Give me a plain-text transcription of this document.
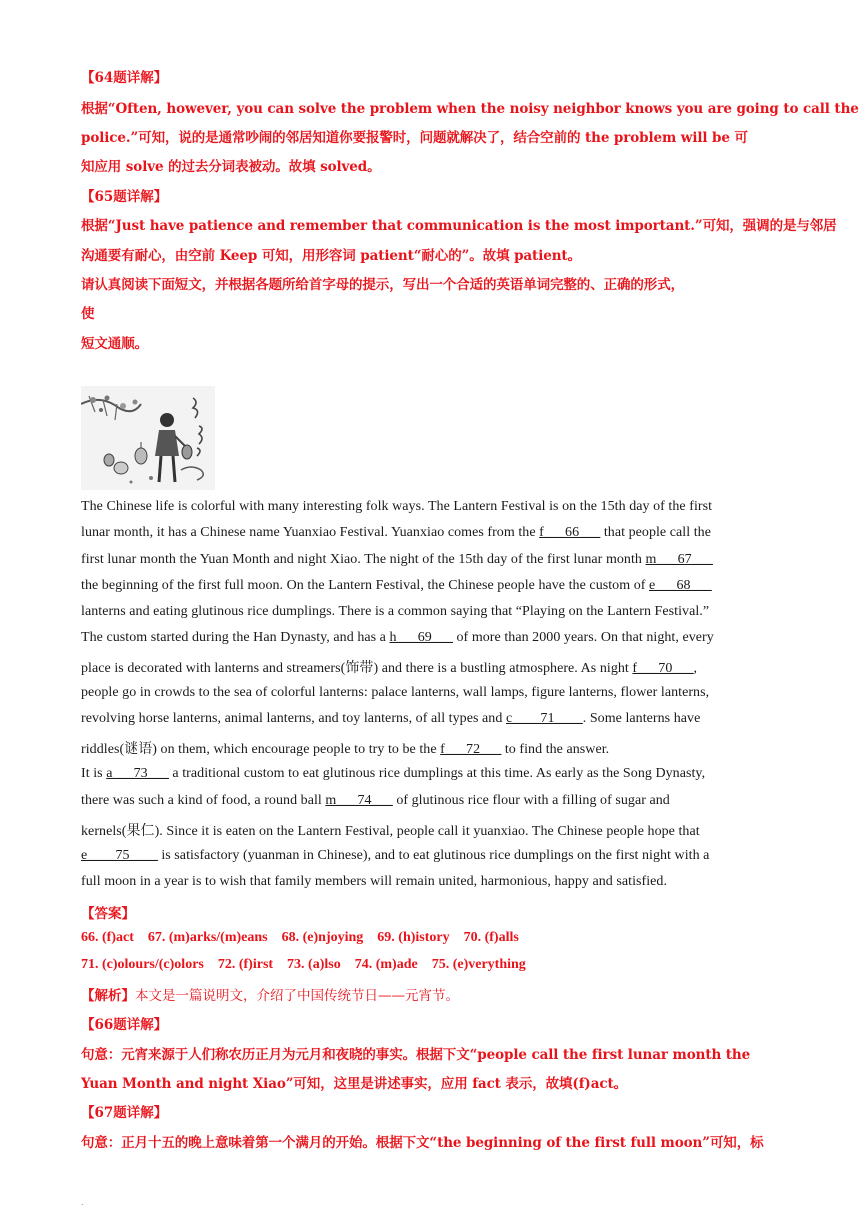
【64题详解】
根据“Often, however, you can solve the problem when the noisy neighbor knows you are going to call the
police.”可知，说的是通常吵闹的邻居知道你要报警时，问题就解决了，结合空前的 the problem will be 可
知应用 solve 的过去分词表被动。故填 solved。
【65题详解】
根据“Just have patience and remember that communication is the most important.”可知，强调的是与邻居
沟通要有耐心，由空前 Keep 可知，用形容词 patient“耐心的”。故填 patient。
请认真阅读下面短文，并根据各题所给首字母的提示，写出一个合适的英语单词完整的、正确的形式，
使
短文通顺。
The Chinese life is colorful with many interesting folk ways. The Lantern Festival is on the 15th day of the first
lunar month, it has a Chinese name Yuanxiao Festival. Yuanxiao comes from the f___66___ that people call the
first lunar month the Yuan Month and night Xiao. The night of the 15th day of the first lunar month m___67___
the beginning of the first full moon. On the Lantern Festival, the Chinese people have the custom of e___68___
lanterns and eating glutinous rice dumplings. There is a common saying that “Playing on the Lantern Festival.”
The custom started during the Han Dynasty, and has a h___69___ of more than 2000 years. On that night, every
place is decorated with lanterns and streamers(饰带) and there is a bustling atmosphere. As night f___70___,
people go in crowds to the sea of colorful lanterns: palace lanterns, wall lamps, figure lanterns, flower lanterns,
revolving horse lanterns, animal lanterns, and toy lanterns, of all types and c____71____. Some lanterns have
riddles(谜语) on them, which encourage people to try to be the f___72___ to find the answer.
It is a___73___ a traditional custom to eat glutinous rice dumplings at this time. As early as the Song Dynasty,
there was such a kind of food, a round ball m___74___ of glutinous rice flour with a filling of sugar and
kernels(果仁). Since it is eaten on the Lantern Festival, people call it yuanxiao. The Chinese people hope that
e____75____ is satisfactory (yuanman in Chinese), and to eat glutinous rice dumplings on the first night with a
full moon in a year is to wish that family members will remain united, harmonious, happy and satisfied.
【答案】
66. (f)act    67. (m)arks/(m)eans    68. (e)njoying    69. (h)istory    70. (f)alls
71. (c)olours/(c)olors    72. (f)irst    73. (a)lso    74. (m)ade    75. (e)verything
【解析】本文是一篇说明文，介绍了中国传统节日——元宵节。
【66题详解】
句意：元宵来源于人们称农历正月为元月和夜晓的事实。根据下文“people call the first lunar month the
Yuan Month and night Xiao”可知，这里是讲述事实，应用 fact 表示，故填(f)act。
【67题详解】
句意：正月十五的晚上意味着第一个满月的开始。根据下文“the beginning of the first full moon”可知，标
.
